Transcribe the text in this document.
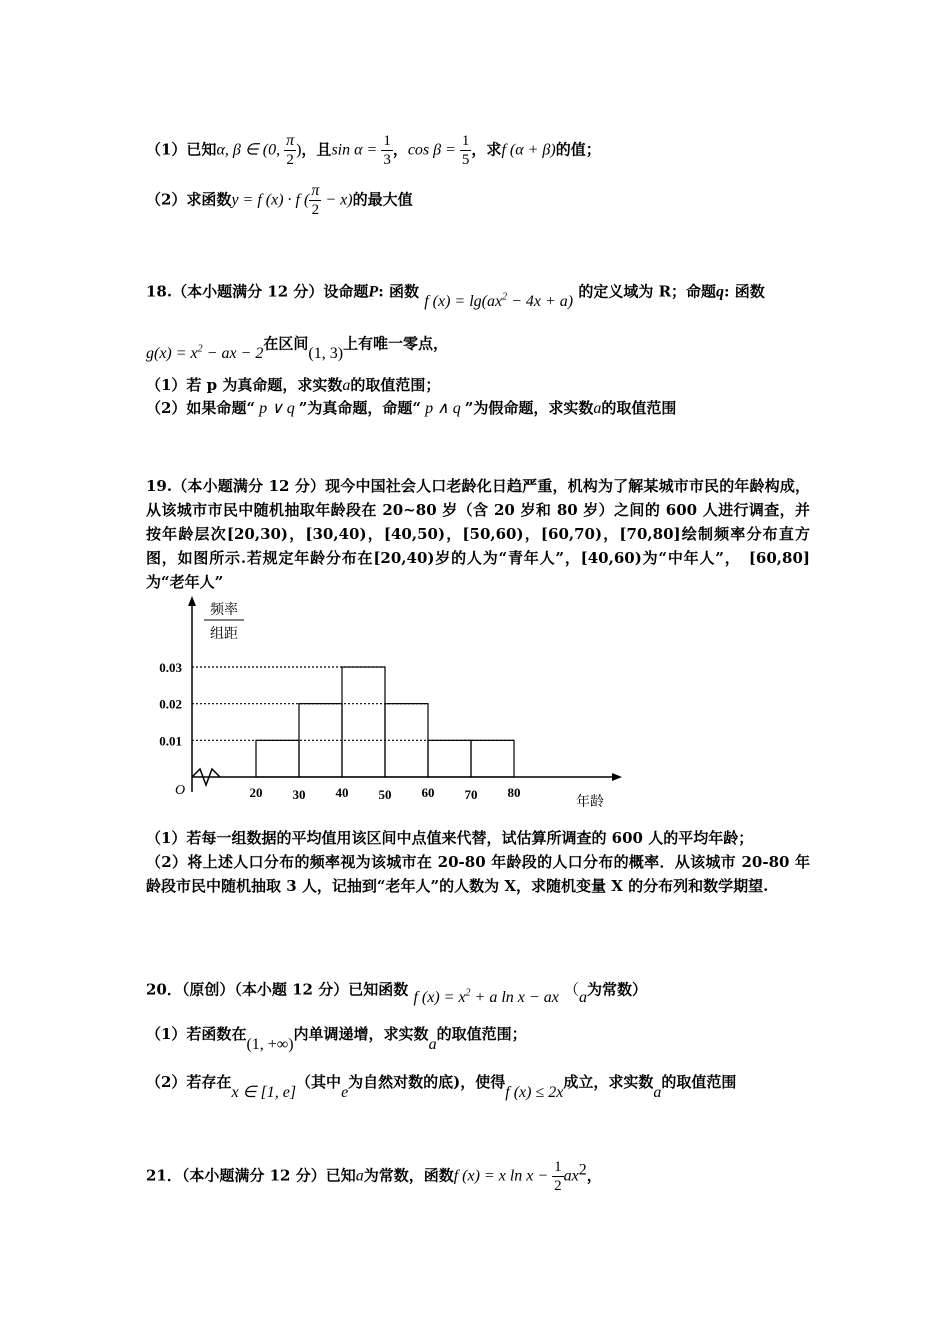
（1）已知α, β ∈ (0, $\frac{\pi}{2}$ )，且$\sin \alpha = \frac{1}{3}$ ，$\cos \beta = \frac{1}{5}$ ，求f (α + β)的值；
（2）求函数y = f (x) · f ( $\frac{\pi}{2} - x$)的最大值
18.（本小题满分 12 分）设命题P: 函数 f $(x) = \lg(ax^2 - 4x + a)$ 的定义域为 R；命题q: 函数
$g(x) = x^2$ − ax − 2在区间(1, 3)上有唯一零点，
（1）若 p 为真命题，求实数a的取值范围；
（2）如果命题“ p ∨ q ”为真命题，命题“ p ∧ q ”为假命题，求实数a的取值范围
19.（本小题满分 12 分）现今中国社会人口老龄化日趋严重，机构为了解某城市市民的年龄构成，从该城市市民中随机抽取年龄段在 20~80 岁（含 20 岁和 80 岁）之间的 600 人进行调查，并按年龄层次[20,30)，[30,40)，[40,50)，[50,60)，[60,70)，[70,80]绘制频率分布直方图，如图所示.若规定年龄分布在[20,40)岁的人为“青年人”，[40,60)为“中年人”，　[60,80]为“老年人”
频率
组距
年龄
O
0.01
0.02
0.03
20 30 40 50 60 70 80
（1）若每一组数据的平均值用该区间中点值来代替，试估算所调查的 600 人的平均年龄；
（2）将上述人口分布的频率视为该城市在 20-80 年龄段的人口分布的概率．从该城市 20-80 年龄段市民中随机抽取 3 人，记抽到“老年人”的人数为 X，求随机变量 X 的分布列和数学期望.
20．（原创）（本小题 12 分）已知函数 f $(x) = x^2 + a$ ln x − ax （a为常数）
（1）若函数在(1, +∞)内单调递增，求实数a的取值范围；
（2）若存在x ∈ [1, e]（其中e为自然对数的底)，使得f (x) ≤ 2x成立，求实数a的取值范围
21．（本小题满分 12 分）已知a为常数，函数f (x) = x $\ln x - \frac{1}{2} ax^2$，
